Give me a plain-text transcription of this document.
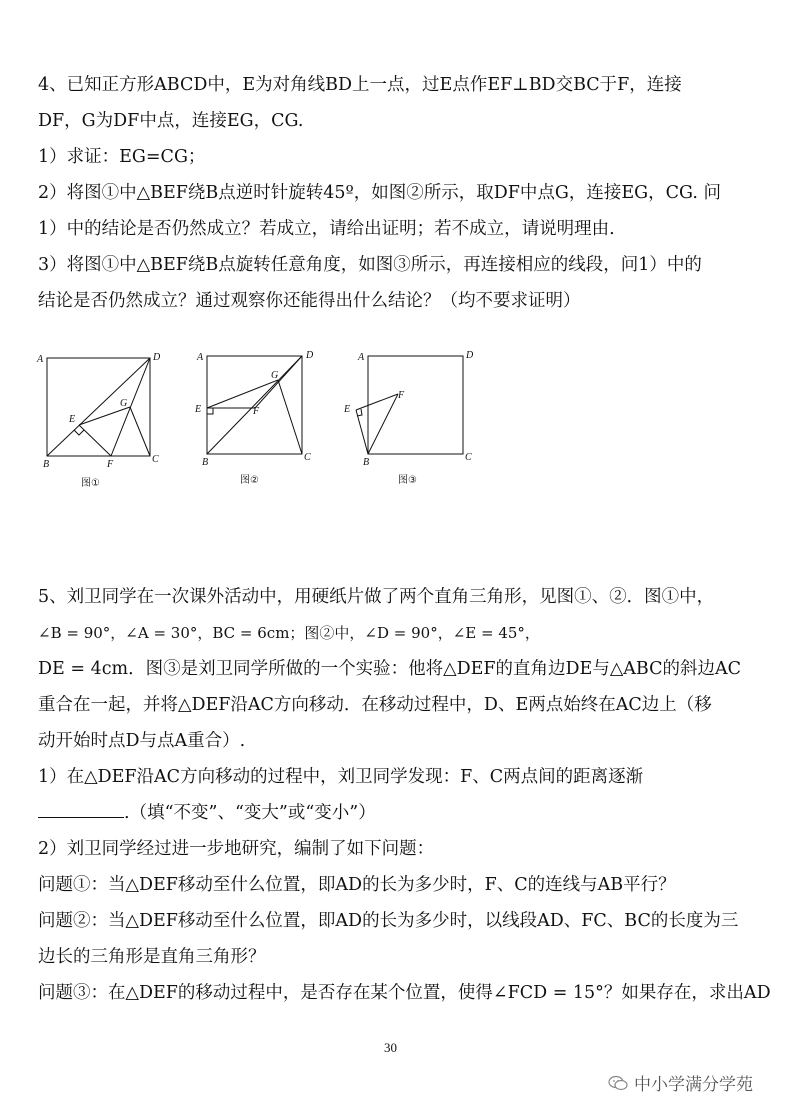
4、已知正方形ABCD中，E为对角线BD上一点，过E点作EF⊥BD交BC于F，连接
DF，G为DF中点，连接EG，CG.
1）求证：EG=CG；
2）将图①中△BEF绕B点逆时针旋转45º，如图②所示，取DF中点G，连接EG，CG. 问
1）中的结论是否仍然成立？若成立，请给出证明；若不成立，请说明理由.
3）将图①中△BEF绕B点旋转任意角度，如图③所示，再连接相应的线段，问1）中的
结论是否仍然成立？通过观察你还能得出什么结论？（均不要求证明）
A	D
B	C
E
F
G
图①
A	D
B	C
E	F
G
图②
A	D
B	C
E
F
图③
5、刘卫同学在一次课外活动中，用硬纸片做了两个直角三角形，见图①、②．图①中，
∠B = 90°，∠A = 30°，BC = 6cm；图②中，∠D = 90°，∠E = 45°，
DE = 4cm．图③是刘卫同学所做的一个实验：他将△DEF的直角边DE与△ABC的斜边AC
重合在一起，并将△DEF沿AC方向移动．在移动过程中，D、E两点始终在AC边上（移
动开始时点D与点A重合）.
1）在△DEF沿AC方向移动的过程中，刘卫同学发现：F、C两点间的距离逐渐
.（填“不变”、“变大”或“变小”）
2）刘卫同学经过进一步地研究，编制了如下问题：
问题①：当△DEF移动至什么位置，即AD的长为多少时，F、C的连线与AB平行？
问题②：当△DEF移动至什么位置，即AD的长为多少时，以线段AD、FC、BC的长度为三
边长的三角形是直角三角形？
问题③：在△DEF的移动过程中，是否存在某个位置，使得∠FCD = 15°？如果存在，求出AD
30
中小学满分学苑
